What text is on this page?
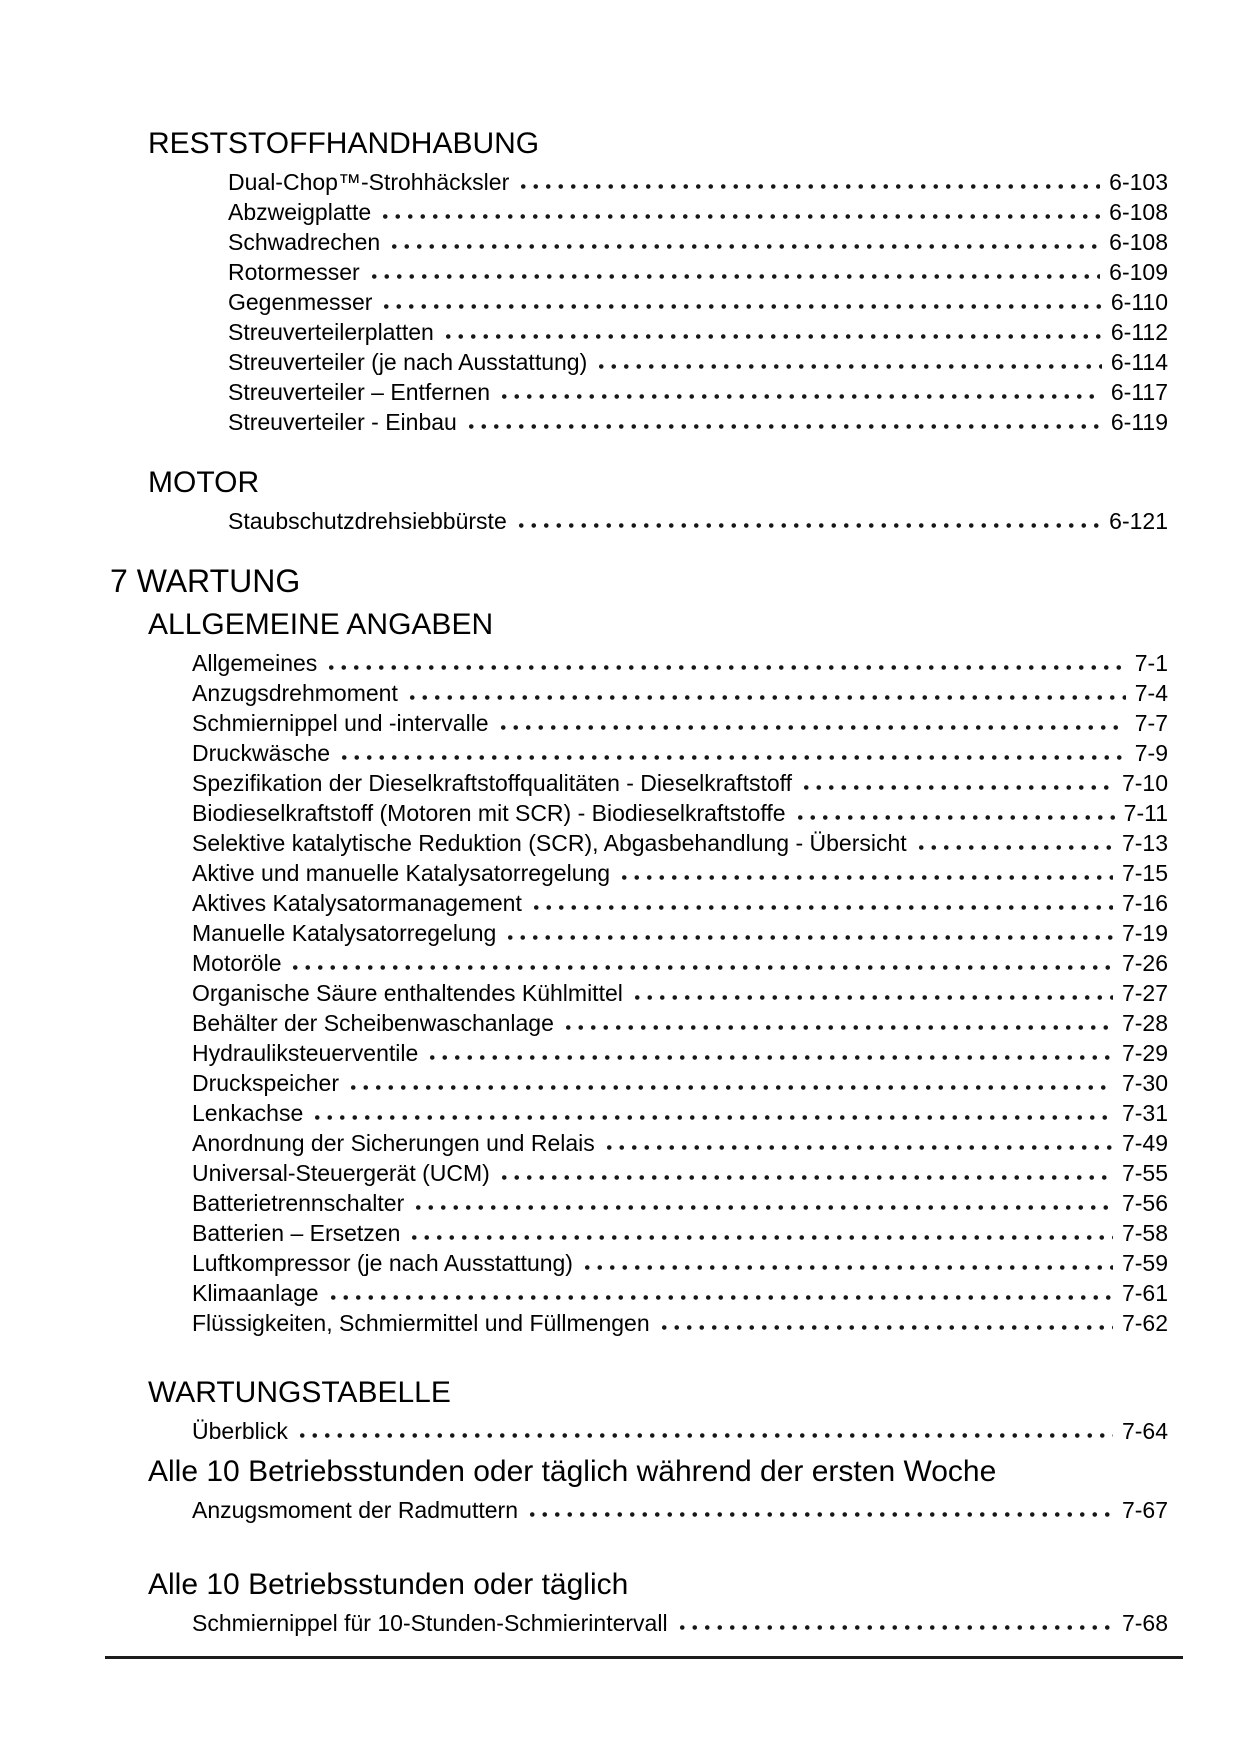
RESTSTOFFHANDHABUNG
Dual-Chop™-Strohhäcksler	6-103
Abzweigplatte	6-108
Schwadrechen	6-108
Rotormesser	6-109
Gegenmesser	6-110
Streuverteilerplatten	6-112
Streuverteiler (je nach Ausstattung)	6-114
Streuverteiler – Entfernen	6-117
Streuverteiler - Einbau	6-119
MOTOR
Staubschutzdrehsiebbürste	6-121
7 WARTUNG
ALLGEMEINE ANGABEN
Allgemeines	7-1
Anzugsdrehmoment	7-4
Schmiernippel und -intervalle	7-7
Druckwäsche	7-9
Spezifikation der Dieselkraftstoffqualitäten - Dieselkraftstoff	7-10
Biodieselkraftstoff (Motoren mit SCR) - Biodieselkraftstoffe	7-11
Selektive katalytische Reduktion (SCR), Abgasbehandlung - Übersicht	7-13
Aktive und manuelle Katalysatorregelung	7-15
Aktives Katalysatormanagement	7-16
Manuelle Katalysatorregelung	7-19
Motoröle	7-26
Organische Säure enthaltendes Kühlmittel	7-27
Behälter der Scheibenwaschanlage	7-28
Hydrauliksteuerventile	7-29
Druckspeicher	7-30
Lenkachse	7-31
Anordnung der Sicherungen und Relais	7-49
Universal-Steuergerät (UCM)	7-55
Batterietrennschalter	7-56
Batterien – Ersetzen	7-58
Luftkompressor (je nach Ausstattung)	7-59
Klimaanlage	7-61
Flüssigkeiten, Schmiermittel und Füllmengen	7-62
WARTUNGSTABELLE
Überblick	7-64
Alle 10 Betriebsstunden oder täglich während der ersten Woche
Anzugsmoment der Radmuttern	7-67
Alle 10 Betriebsstunden oder täglich
Schmiernippel für 10-Stunden-Schmierintervall	7-68
